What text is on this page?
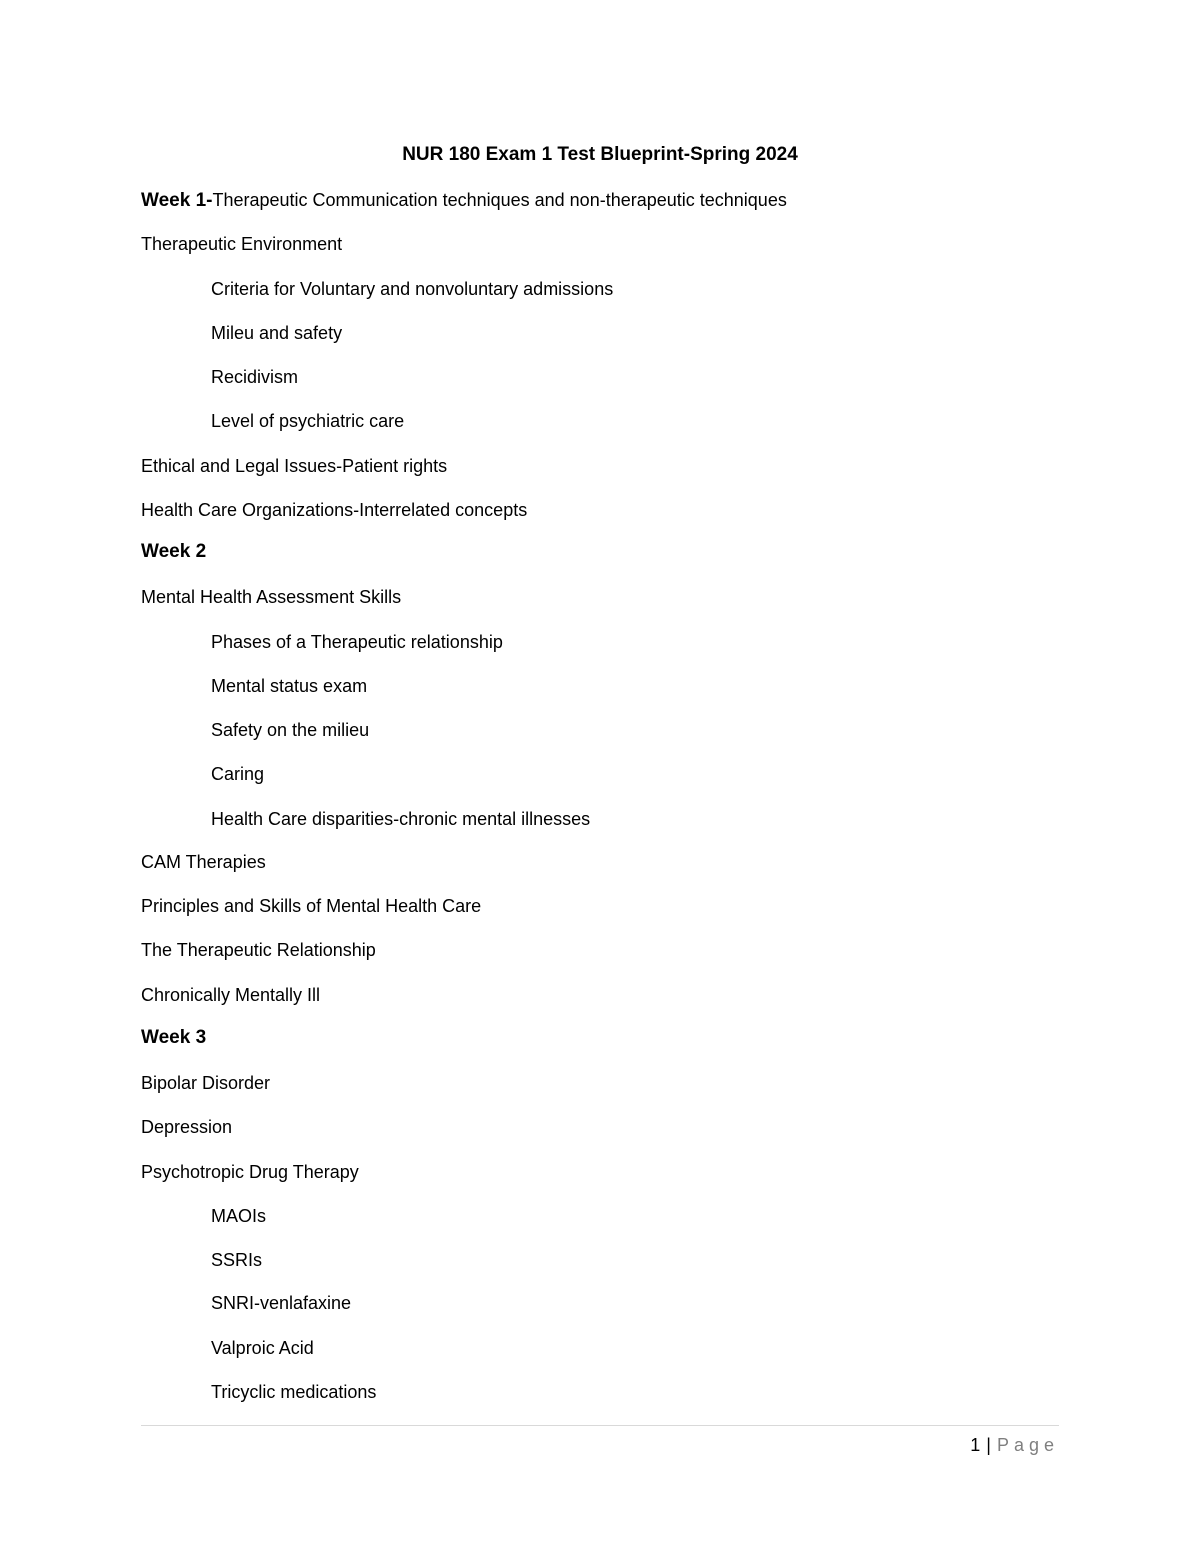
NUR 180 Exam 1 Test Blueprint-Spring 2024
Week 1-Therapeutic Communication techniques and non-therapeutic techniques
Therapeutic Environment
Criteria for Voluntary and nonvoluntary admissions
Mileu and safety
Recidivism
Level of psychiatric care
Ethical and Legal Issues-Patient rights
Health Care Organizations-Interrelated concepts
Week 2
Mental Health Assessment Skills
Phases of a Therapeutic relationship
Mental status exam
Safety on the milieu
Caring
Health Care disparities-chronic mental illnesses
CAM Therapies
Principles and Skills of Mental Health Care
The Therapeutic Relationship
Chronically Mentally Ill
Week 3
Bipolar Disorder
Depression
Psychotropic Drug Therapy
MAOIs
SSRIs
SNRI-venlafaxine
Valproic Acid
Tricyclic medications
1 | Page
